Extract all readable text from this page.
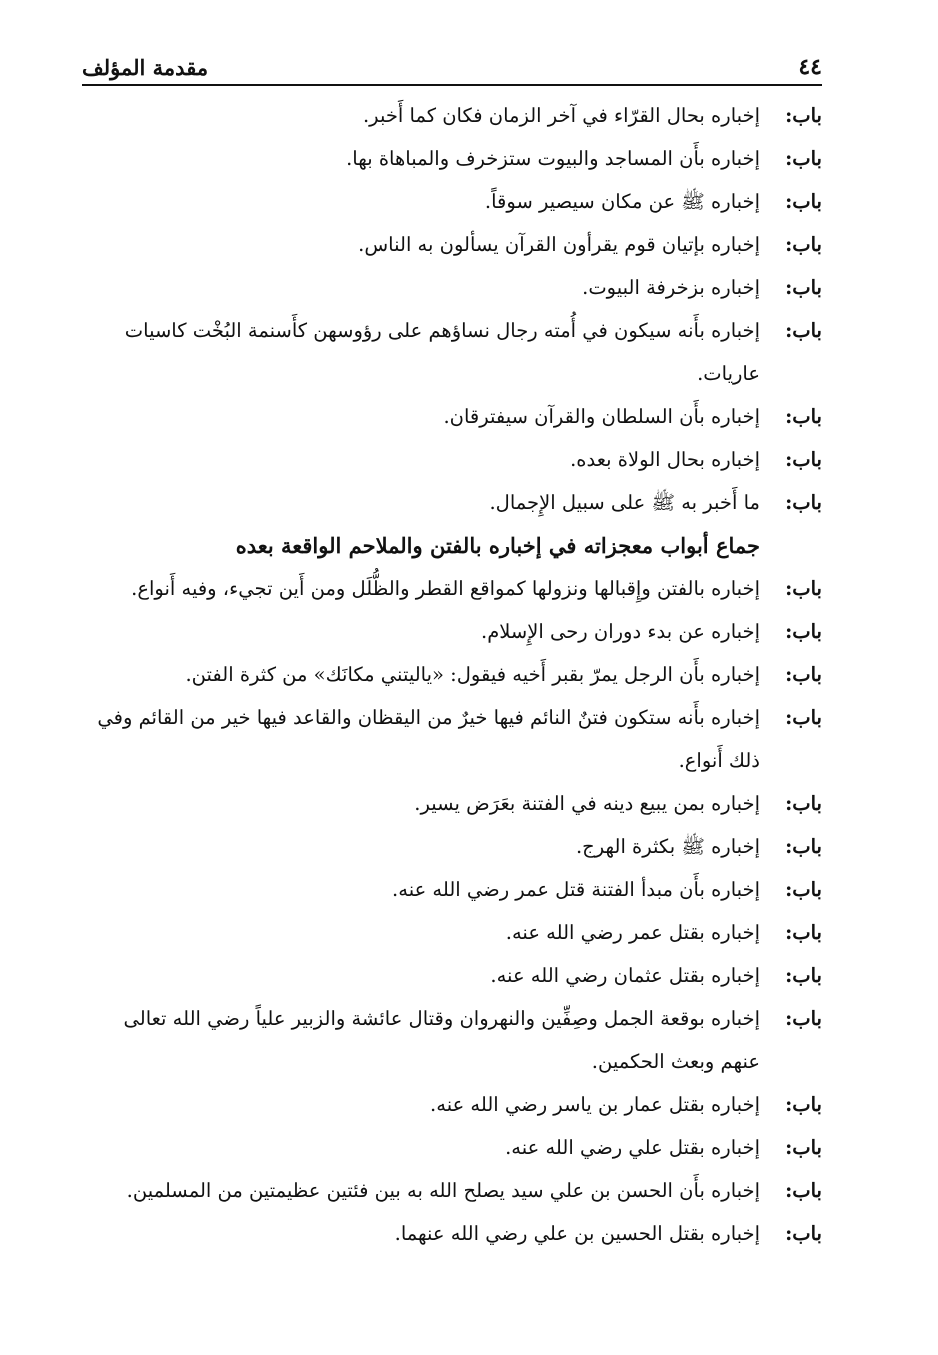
٤٤
مقدمة المؤلف
باب:
إخباره بحال القرّاء في آخر الزمان فكان كما أَخبر.
باب:
إخباره بأَن المساجد والبيوت ستزخرف والمباهاة بها.
باب:
إخباره ﷺ عن مكان سيصير سوقاً.
باب:
إخباره بإتيان قوم يقرأون القرآن يسألون به الناس.
باب:
إخباره بزخرفة البيوت.
باب:
إخباره بأَنه سيكون في أُمته رجال نساؤهم على رؤوسهن كأَسنمة البُخْت كاسيات عاريات.
باب:
إخباره بأَن السلطان والقرآن سيفترقان.
باب:
إخباره بحال الولاة بعده.
باب:
ما أَخبر به ﷺ على سبيل الإِجمال.
جماع أبواب معجزاته في إخباره بالفتن والملاحم الواقعة بعده
باب:
إخباره بالفتن وإِقبالها ونزولها كمواقع القطر والظُّلَل ومن أَين تجيء، وفيه أَنواع.
باب:
إخباره عن بدء دوران رحى الإِسلام.
باب:
إخباره بأَن الرجل يمرّ بقبر أَخيه فيقول: «ياليتني مكانَك» من كثرة الفتن.
باب:
إخباره بأَنه ستكون فتنٌ النائم فيها خيرٌ من اليقظان والقاعد فيها خير من القائم وفي ذلك أَنواع.
باب:
إخباره بمن يبيع دينه في الفتنة بعَرَض يسير.
باب:
إخباره ﷺ بكثرة الهرج.
باب:
إخباره بأَن مبدأ الفتنة قتل عمر رضي الله عنه.
باب:
إخباره بقتل عمر رضي الله عنه.
باب:
إخباره بقتل عثمان رضي الله عنه.
باب:
إخباره بوقعة الجمل وصِفِّين والنهروان وقتال عائشة والزبير علياً رضي الله تعالى عنهم وبعث الحكمين.
باب:
إخباره بقتل عمار بن ياسر رضي الله عنه.
باب:
إخباره بقتل علي رضي الله عنه.
باب:
إخباره بأَن الحسن بن علي سيد يصلح الله به بين فئتين عظيمتين من المسلمين.
باب:
إخباره بقتل الحسين بن علي رضي الله عنهما.
